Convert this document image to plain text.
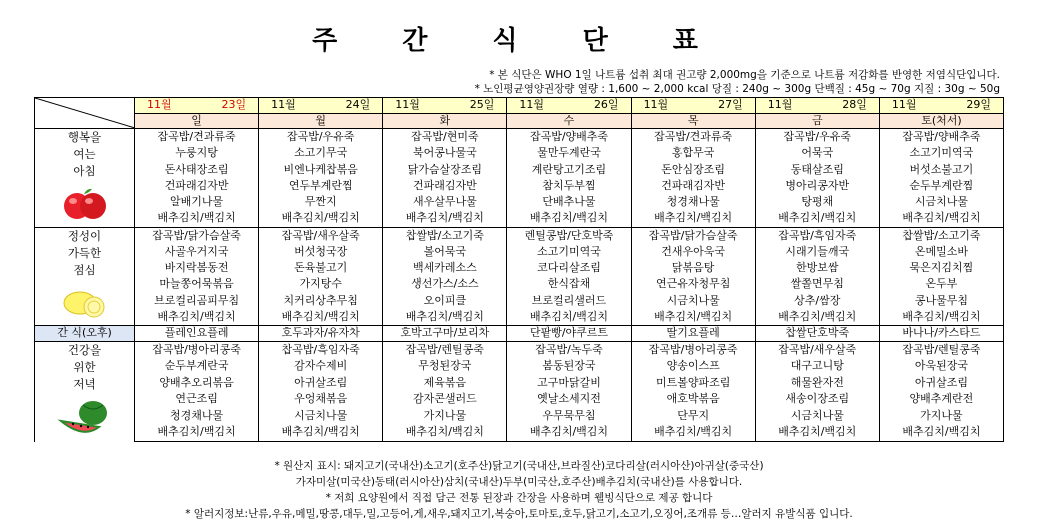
주 간 식 단 표
* 본 식단은 WHO 1일 나트륨 섭취 최대 권고량 2,000mg을 기준으로 나트륨 저감화를 반영한 저염식단입니다.
* 노인평균영양권장량 열량 : 1,600 ~ 2,000 kcal 당질 : 240g ~ 300g 단백질 : 45g ~ 70g 지질 : 30g ~ 50g

11월 23일	11월 24일	11월 25일	11월 26일	11월 27일	11월 28일	11월 29일

	일	월	화	수	목	금	토(처서)

행복을
여는
아침	잡곡밥/견과류죽	잡곡밥/우유죽	잡곡밥/현미죽	잡곡밥/양배추죽	잡곡밥/견과류죽	잡곡밥/우유죽	잡곡밥/양배추죽
	누룽지탕	소고기무국	북어콩나물국	물만두계란국	홍합무국	어묵국	소고기미역국
	돈사태장조림	비엔나케찹볶음	닭가슴살장조림	계란탕고기조림	돈안심장조림	동태살조림	버섯소불고기
	건파래김자반	연두부계란찜	건파래김자반	참치두부찜	건파래김자반	병아리콩자반	순두부계란찜
	알배기나물	무짠지	새우살무나물	단배추나물	청경채나물	탕평채	시금치나물
	배추김치/백김치	배추김치/백김치	배추김치/백김치	배추김치/백김치	배추김치/백김치	배추김치/백김치	배추김치/백김치

정성이
가득한
점심	잡곡밥/닭가슴살죽	잡곡밥/새우살죽	찹쌀밥/소고기죽	렌틸콩밥/단호박죽	잡곡밥/닭가슴살죽	잡곡밥/흑임자죽	찹쌀밥/소고기죽
	사골우거지국	버섯청국장	볼어묵국	소고기미역국	건새우아욱국	시래기들깨국	온메밀소바
	바지락봄동전	돈육불고기	백세카레소스	코다리살조림	닭볶음탕	한방보쌈	묵은지김치찜
	마늘쫑어묵볶음	가지탕수	생선가스/소스	한식잡채	연근유자청무침	쌀쫄면무침	온두부
	브로컬리곰피무침	치커리상추무침	오이피클	브로컬리샐러드	시금치나물	상추/쌈장	콩나물무침
	배추김치/백김치	배추김치/백김치	배추김치/백김치	배추김치/백김치	배추김치/백김치	배추김치/백김치	배추김치/백김치
간 식(오후)	플레인요플레	호두과자/유자차	호박고구마/보리차	단팥빵/야쿠르트	딸기요플레	찹쌀단호박죽	바나나/카스타드

건강을
위한
저녁	잡곡밥/병아리콩죽	찹곡밥/흑임자죽	잡곡밥/렌틸콩죽	잡곡밥/녹두죽	잡곡밥/병아리콩죽	잡곡밥/새우살죽	잡곡밥/렌틸콩죽
	순두부계란국	감자수제비	무청된장국	봄동된장국	양송이스프	대구고니탕	아욱된장국
	양배추오리볶음	아귀살조림	제육볶음	고구마닭갈비	미트볼양파조림	해물완자전	아귀살조림
	연근조림	우엉채볶음	감자콘샐러드	옛날소세지전	애호박볶음	새송이장조림	양배추계란전
	청경채나물	시금치나물	가지나물	우무묵무침	단무지	시금치나물	가지나물
	배추김치/백김치	배추김치/백김치	배추김치/백김치	배추김치/백김치	배추김치/백김치	배추김치/백김치	배추김치/백김치
* 원산지 표시: 돼지고기(국내산)소고기(호주산)닭고기(국내산,브라질산)코다리살(러시아산)아귀살(중국산)
가자미살(미국산)동태(러시아산)삼치(국내산)두부(미국산,호주산)배추김치(국내산)를 사용합니다.
* 저희 요양원에서 직접 담근 전통 된장과 간장을 사용하며 웰빙식단으로 제공 합니다
* 알러지정보:난류,우유,메밀,땅콩,대두,밀,고등어,게,새우,돼지고기,복숭아,토마토,호두,닭고기,소고기,오징어,조개류 등…알러지 유발식품 입니다.
